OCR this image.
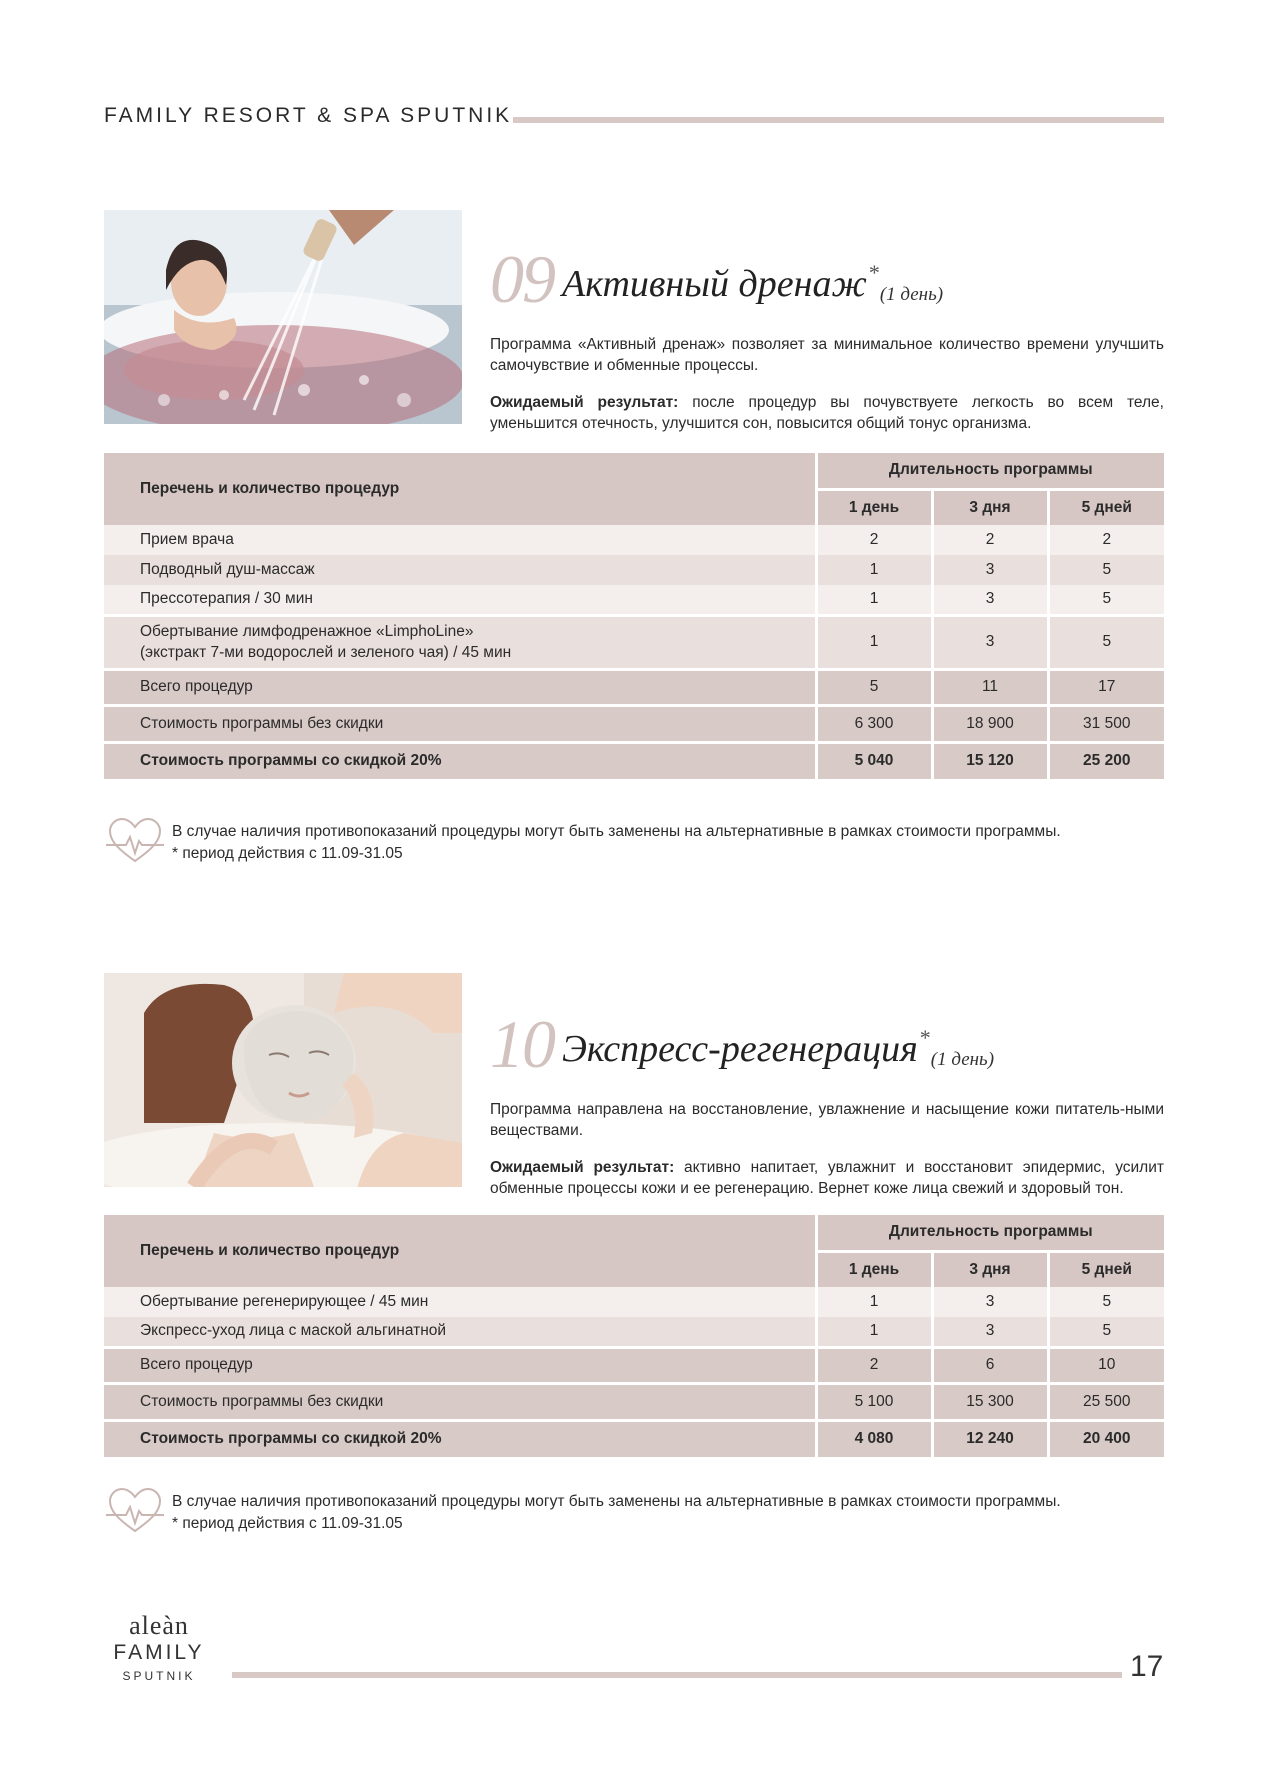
FAMILY RESORT & SPA SPUTNIK
09 Активный дренаж*(1 день)
Программа «Активный дренаж» позволяет за минимальное количество времени улучшить самочувствие и обменные процессы.
Ожидаемый результат: после процедур вы почувствуете легкость во всем теле, уменьшится отечность, улучшится сон, повысится общий тонус организма.
Перечень и количество процедур	Длительность программы		
	1 день	3 дня	5 дней
Прием врача	2	2	2
Подводный душ-массаж	1	3	5
Прессотерапия / 30 мин	1	3	5

Обертывание лимфодренажное «LimphoLine»
(экстракт 7-ми водорослей и зеленого чая) / 45 мин	1	3	5
Всего процедур	5	11	17
Стоимость программы без скидки	6 300	18 900	31 500
Стоимость программы со скидкой 20%	5 040	15 120	25 200
В случае наличия противопоказаний процедуры могут быть заменены на альтернативные в рамках стоимости программы.
* период действия с 11.09-31.05
10 Экспресс-регенерация*(1 день)
Программа направлена на восстановление, увлажнение и насыщение кожи питатель-ными веществами.
Ожидаемый результат: активно напитает, увлажнит и восстановит эпидермис, усилит обменные процессы кожи и ее регенерацию. Вернет коже лица свежий и здоровый тон.
Перечень и количество процедур	Длительность программы		
	1 день	3 дня	5 дней
Обертывание регенерирующее / 45 мин	1	3	5
Экспресс-уход лица с маской альгинатной	1	3	5
Всего процедур	2	6	10
Стоимость программы без скидки	5 100	15 300	25 500
Стоимость программы со скидкой 20%	4 080	12 240	20 400
В случае наличия противопоказаний процедуры могут быть заменены на альтернативные в рамках стоимости программы.
* период действия с 11.09-31.05
aleàn
FAMILY
SPUTNIK	17
